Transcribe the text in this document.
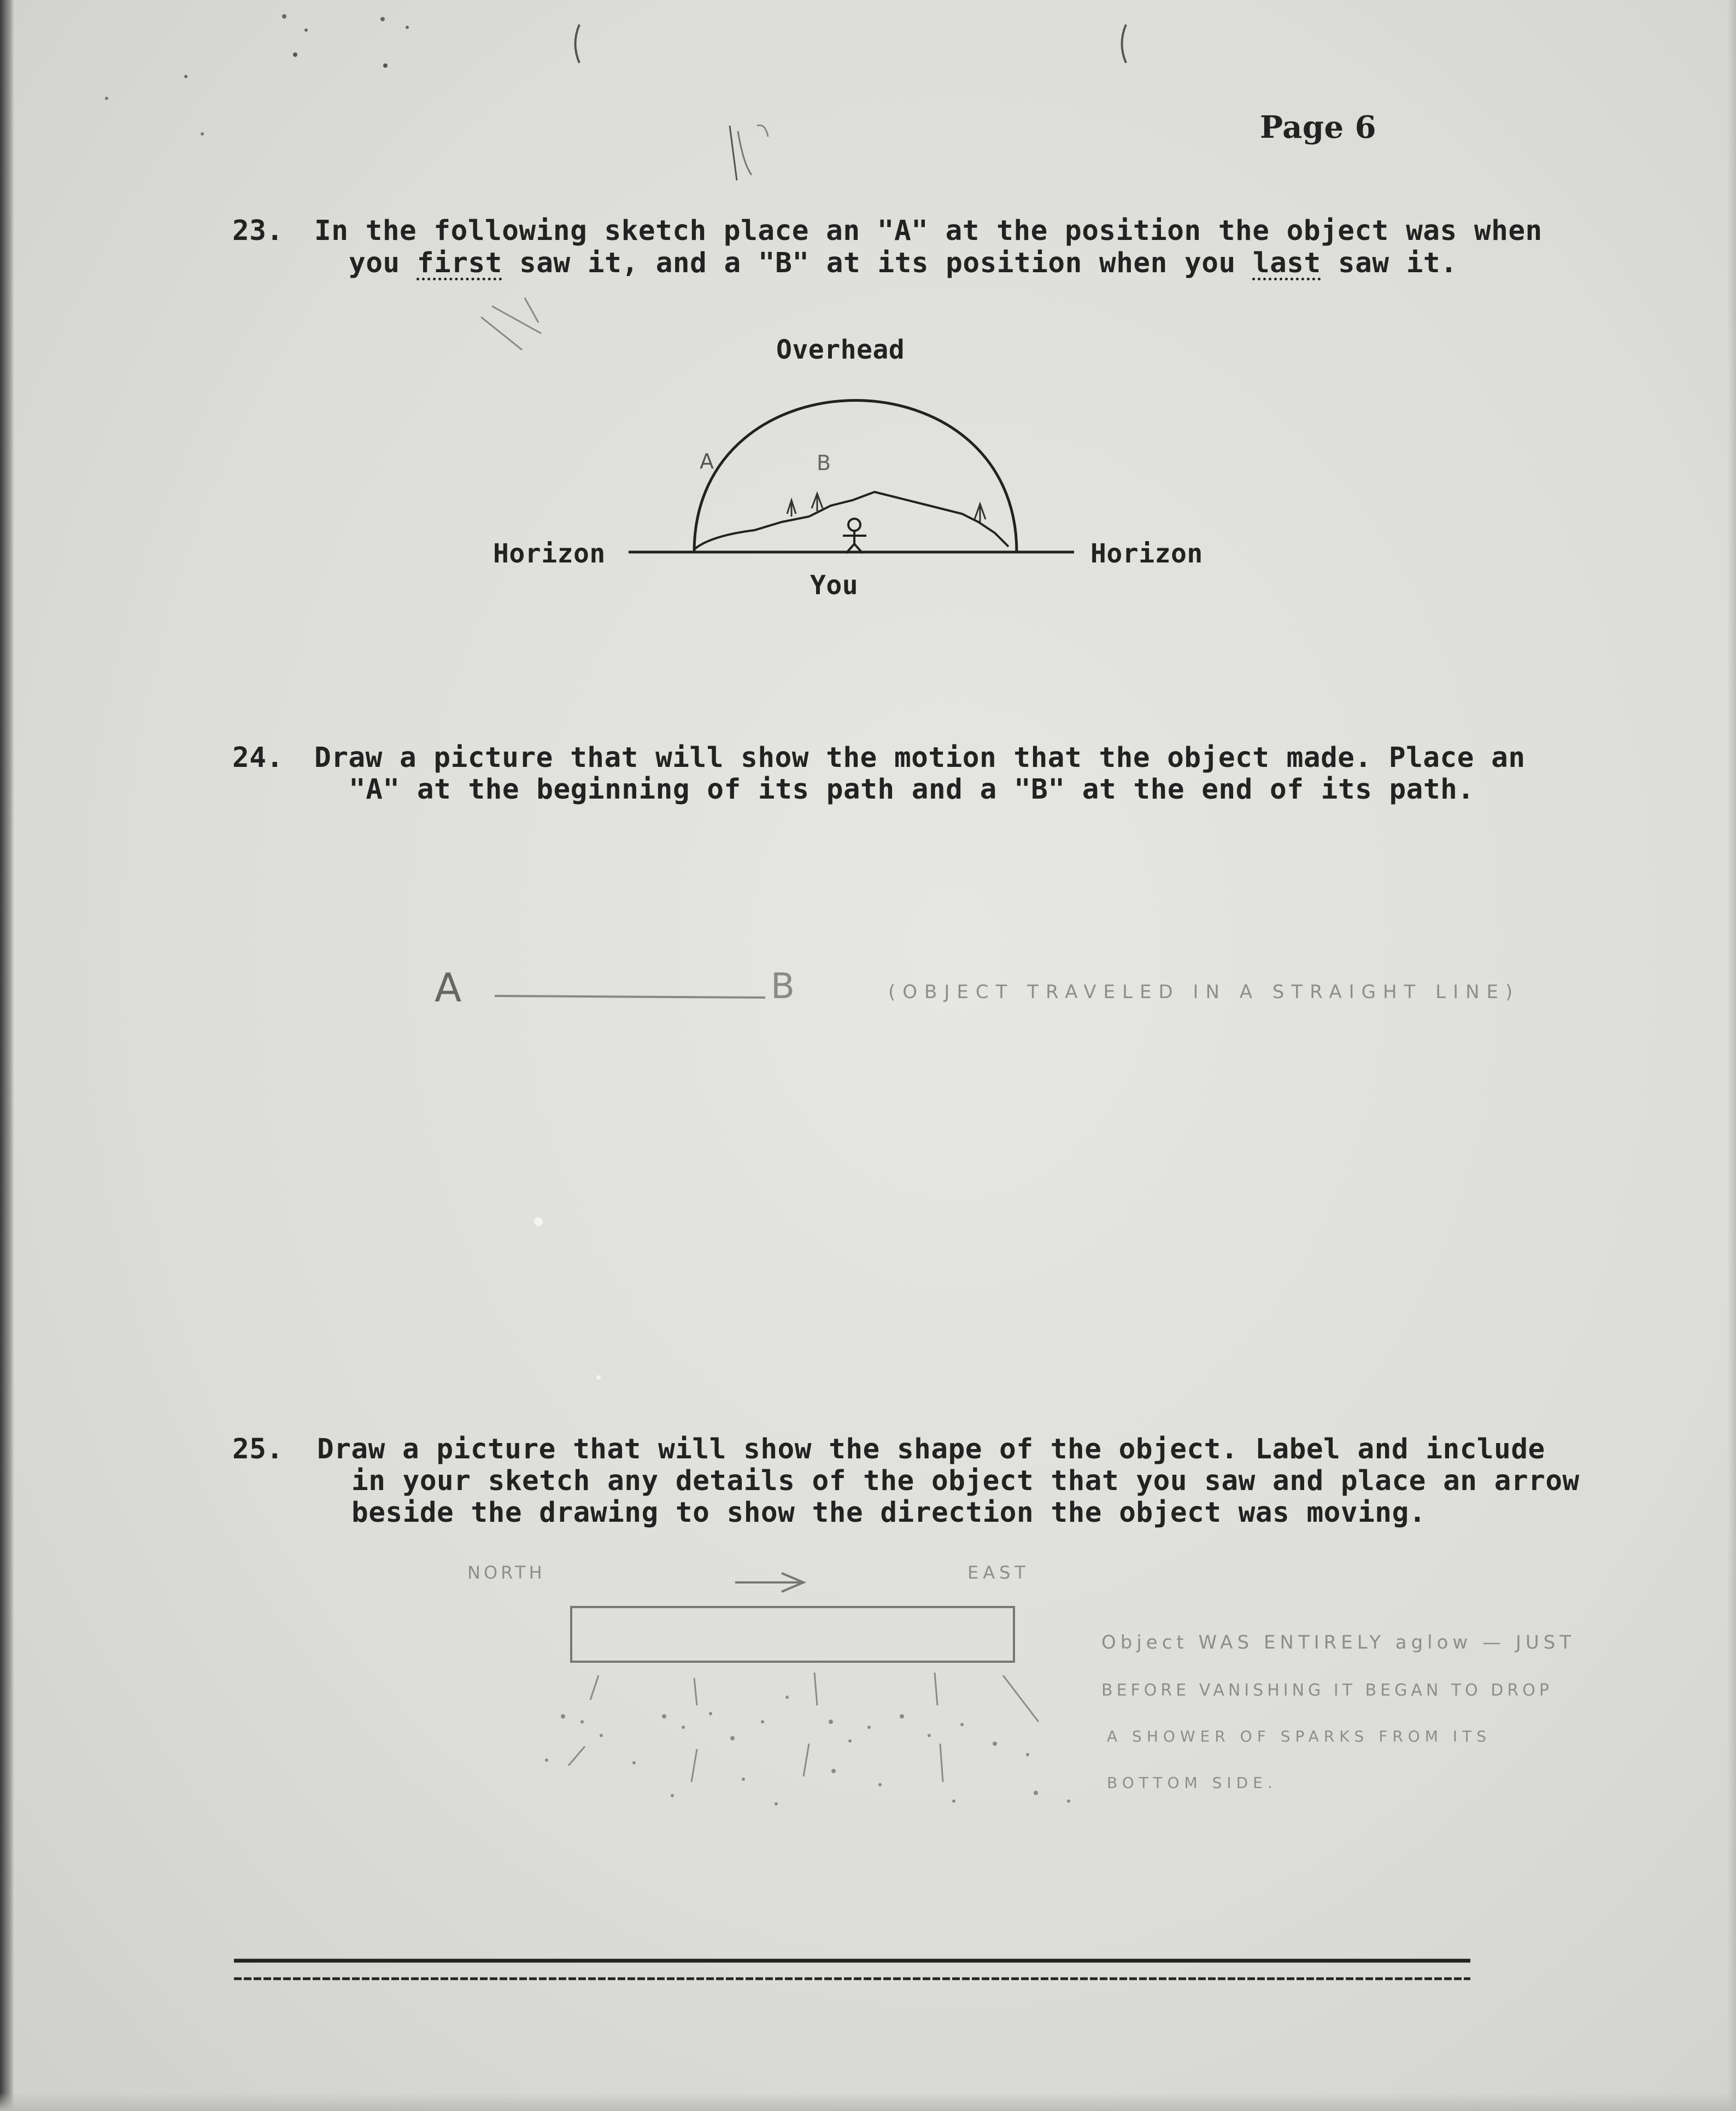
Page 6
23. In the following sketch place an "A" at the position the object was when
you first saw it, and a "B" at its position when you last saw it.
Overhead
Horizon	Horizon
You
A	B
24. Draw a picture that will show the motion that the object made. Place an
"A" at the beginning of its path and a "B" at the end of its path.
A	B	(OBJECT TRAVELED IN A STRAIGHT LINE)
25. Draw a picture that will show the shape of the object. Label and include
in your sketch any details of the object that you saw and place an arrow
beside the drawing to show the direction the object was moving.
NORTH	EAST
Object WAS ENTIRELY aglow — JUST
BEFORE VANISHING IT BEGAN TO DROP
A SHOWER OF SPARKS FROM ITS
BOTTOM SIDE.
